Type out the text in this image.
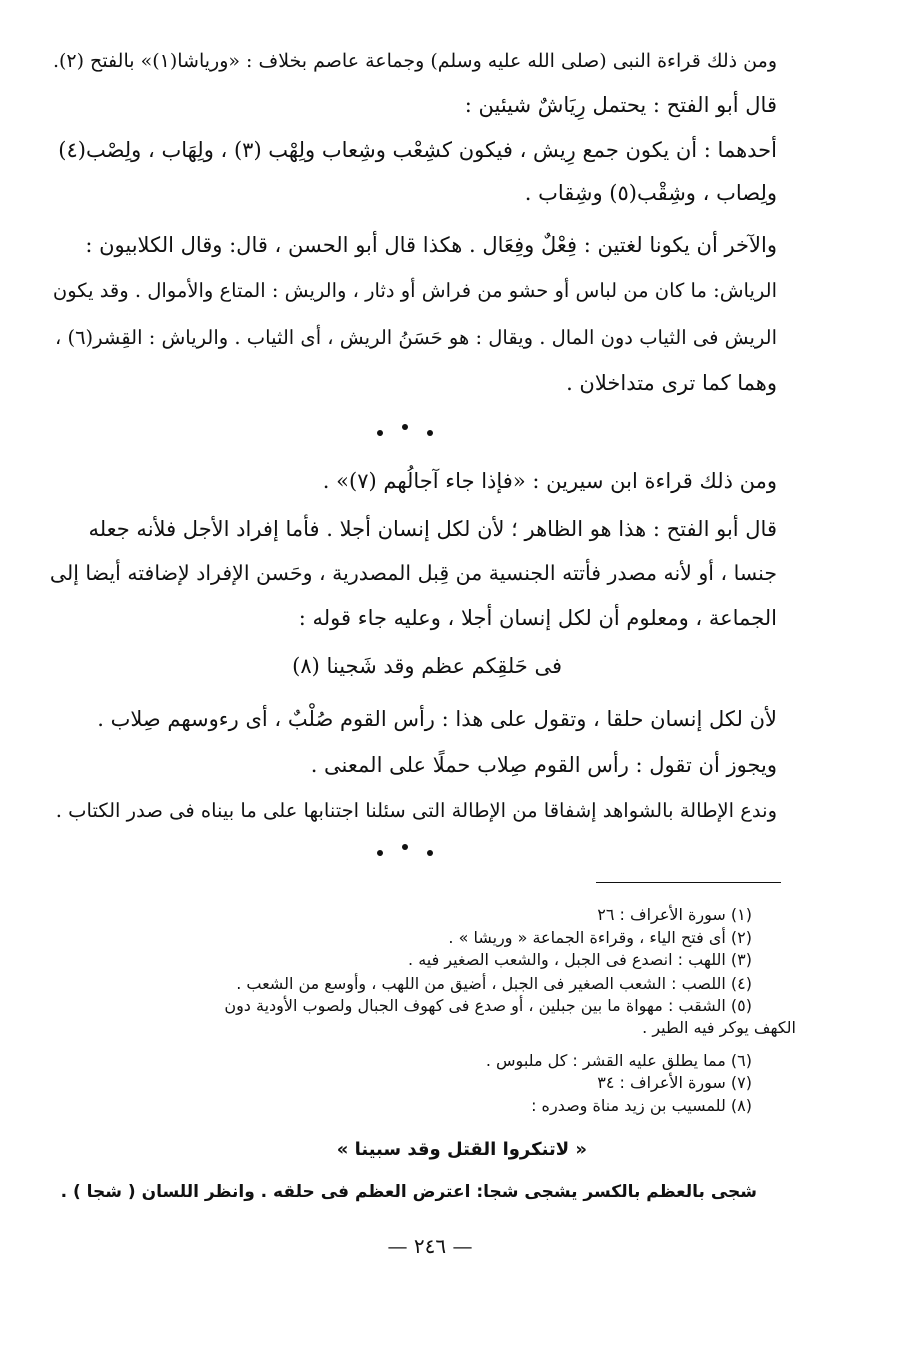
ومن ذلك قراءة النبى (صلى الله عليه وسلم) وجماعة عاصم بخلاف : «ورياشا(١)» بالفتح (٢).
قال أبو الفتح : يحتمل رِيَاشٌ شيئين :
أحدهما : أن يكون جمع رِيش ، فيكون كشِعْب وشِعاب ولِهْب (٣) ، ولِهَاب ، ولِصْب(٤)
ولِصاب ، وشِقْب(٥) وشِقاب .
والآخر أن يكونا لغتين : فِعْلٌ وفِعَال . هكذا قال أبو الحسن ، قال: وقال الكلابيون :
الرياش: ما كان من لباس أو حشو من فراش أو دثار ، والريش : المتاع والأموال . وقد يكون
الريش فى الثياب دون المال . ويقال : هو حَسَنُ الريش ، أى الثياب . والرياش : القِشر(٦) ،
وهما كما ترى متداخلان .
ومن ذلك قراءة ابن سيرين : «فإذا جاء آجالُهم (٧)» .
قال أبو الفتح : هذا هو الظاهر ؛ لأن لكل إنسان أجلا . فأما إفراد الأجل فلأنه جعله
جنسا ، أو لأنه مصدر فأتته الجنسية من قِبل المصدرية ، وحَسن الإفراد لإضافته أيضا إلى
الجماعة ، ومعلوم أن لكل إنسان أجلا ، وعليه جاء قوله :
فى حَلقِكم عظم وقد شَجينا (٨)
لأن لكل إنسان حلقا ، وتقول على هذا : رأس القوم صُلْبٌ ، أى رءوسهم صِلاب .
ويجوز أن تقول : رأس القوم صِلاب حملًا على المعنى .
وندع الإطالة بالشواهد إشفاقا من الإطالة التى سئلنا اجتنابها على ما بيناه فى صدر الكتاب .
(١) سورة الأعراف : ٢٦
(٢) أى فتح الياء ، وقراءة الجماعة « وريشا » .
(٣) اللهب : انصدع فى الجبل ، والشعب الصغير فيه .
(٤) اللصب : الشعب الصغير فى الجبل ، أضيق من اللهب ، وأوسع من الشعب .
(٥) الشقب : مهواة ما بين جبلين ، أو صدع فى كهوف الجبال ولصوب الأودية دون
الكهف يوكر فيه الطير .
(٦) مما يطلق عليه القشر : كل ملبوس .
(٧) سورة الأعراف : ٣٤
(٨) للمسيب بن زيد مناة وصدره :
« لاتنكروا القتل وقد سبينا »
شجى بالعظم بالكسر يشجى شجا: اعترض العظم فى حلقه . وانظر اللسان ( شجا ) .
— ٢٤٦ —
